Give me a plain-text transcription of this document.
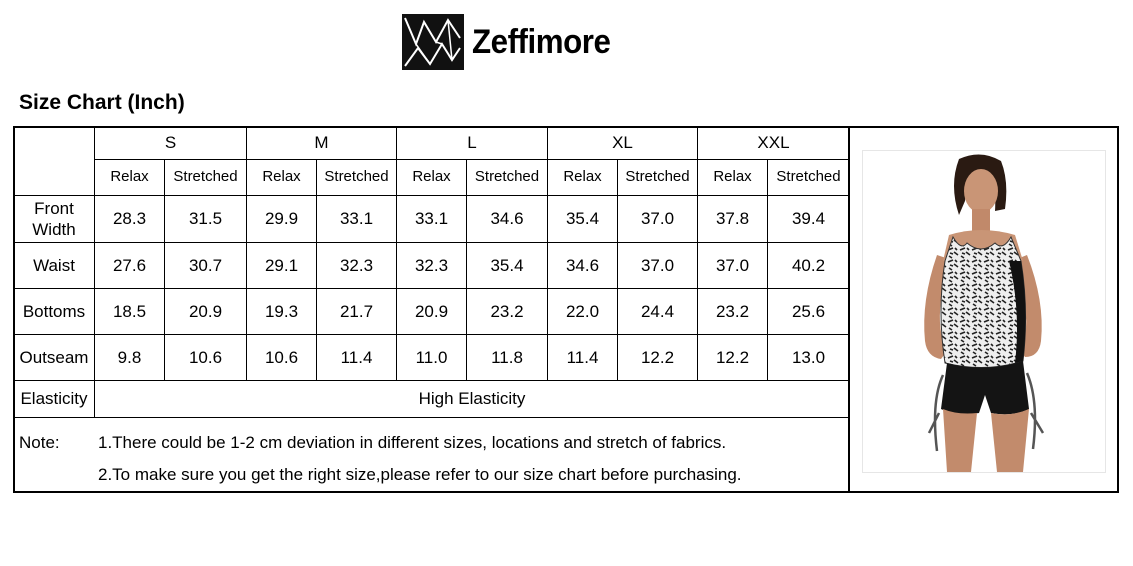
Zeffimore
Size Chart (Inch)
	S		M		L		XL		XXL	
	Relax	Stretched	Relax	Stretched	Relax	Stretched	Relax	Stretched	Relax	Stretched
Front Width	28.3	31.5	29.9	33.1	33.1	34.6	35.4	37.0	37.8	39.4
Waist	27.6	30.7	29.1	32.3	32.3	35.4	34.6	37.0	37.0	40.2
Bottoms	18.5	20.9	19.3	21.7	20.9	23.2	22.0	24.4	23.2	25.6
Outseam	9.8	10.6	10.6	11.4	11.0	11.8	11.4	12.2	12.2	13.0
Elasticity	High Elasticity									
Note: 1.There could be 1-2 cm deviation in different sizes, locations and stretch of fabrics.
2.To make sure you get the right size,please refer to our size chart before purchasing.
